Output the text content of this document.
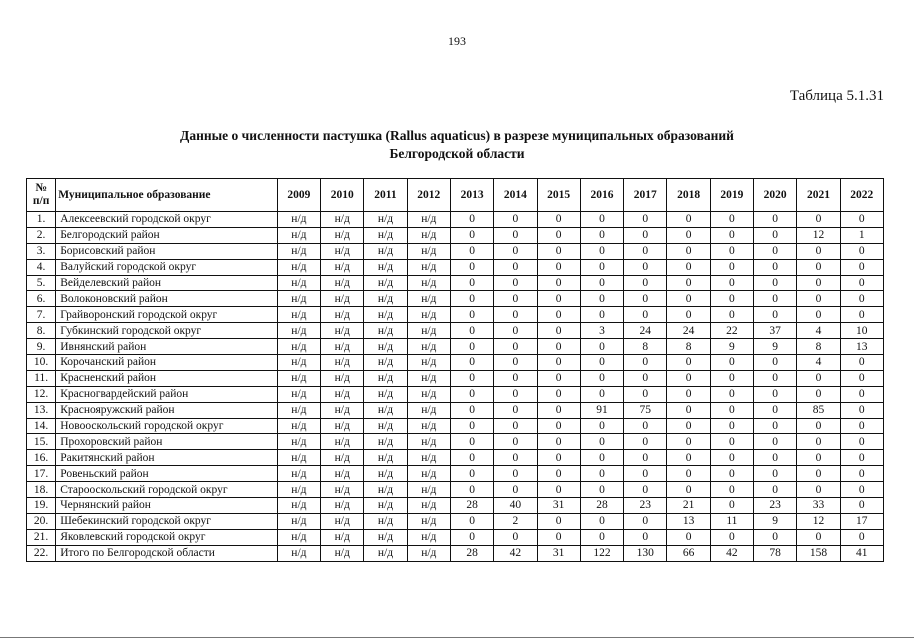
193
Таблица 5.1.31
Данные о численности пастушка (Rallus aquaticus) в разрезе муниципальных образований
Белгородской области
№ п/п	Муниципальное образование	2009	2010	2011	2012	2013	2014	2015	2016	2017	2018	2019	2020	2021	2022
1.	Алексеевский городской округ	н/д	н/д	н/д	н/д	0	0	0	0	0	0	0	0	0	0
2.	Белгородский район	н/д	н/д	н/д	н/д	0	0	0	0	0	0	0	0	12	1
3.	Борисовский район	н/д	н/д	н/д	н/д	0	0	0	0	0	0	0	0	0	0
4.	Валуйский городской округ	н/д	н/д	н/д	н/д	0	0	0	0	0	0	0	0	0	0
5.	Вейделевский район	н/д	н/д	н/д	н/д	0	0	0	0	0	0	0	0	0	0
6.	Волоконовский район	н/д	н/д	н/д	н/д	0	0	0	0	0	0	0	0	0	0
7.	Грайворонский городской округ	н/д	н/д	н/д	н/д	0	0	0	0	0	0	0	0	0	0
8.	Губкинский городской округ	н/д	н/д	н/д	н/д	0	0	0	3	24	24	22	37	4	10
9.	Ивнянский район	н/д	н/д	н/д	н/д	0	0	0	0	8	8	9	9	8	13
10.	Корочанский район	н/д	н/д	н/д	н/д	0	0	0	0	0	0	0	0	4	0
11.	Красненский район	н/д	н/д	н/д	н/д	0	0	0	0	0	0	0	0	0	0
12.	Красногвардейский район	н/д	н/д	н/д	н/д	0	0	0	0	0	0	0	0	0	0
13.	Краснояружский район	н/д	н/д	н/д	н/д	0	0	0	91	75	0	0	0	85	0
14.	Новооскольский городской округ	н/д	н/д	н/д	н/д	0	0	0	0	0	0	0	0	0	0
15.	Прохоровский район	н/д	н/д	н/д	н/д	0	0	0	0	0	0	0	0	0	0
16.	Ракитянский район	н/д	н/д	н/д	н/д	0	0	0	0	0	0	0	0	0	0
17.	Ровеньский район	н/д	н/д	н/д	н/д	0	0	0	0	0	0	0	0	0	0
18.	Старооскольский городской округ	н/д	н/д	н/д	н/д	0	0	0	0	0	0	0	0	0	0
19.	Чернянский район	н/д	н/д	н/д	н/д	28	40	31	28	23	21	0	23	33	0
20.	Шебекинский городской округ	н/д	н/д	н/д	н/д	0	2	0	0	0	13	11	9	12	17
21.	Яковлевский городской округ	н/д	н/д	н/д	н/д	0	0	0	0	0	0	0	0	0	0
22.	Итого по Белгородской области	н/д	н/д	н/д	н/д	28	42	31	122	130	66	42	78	158	41
